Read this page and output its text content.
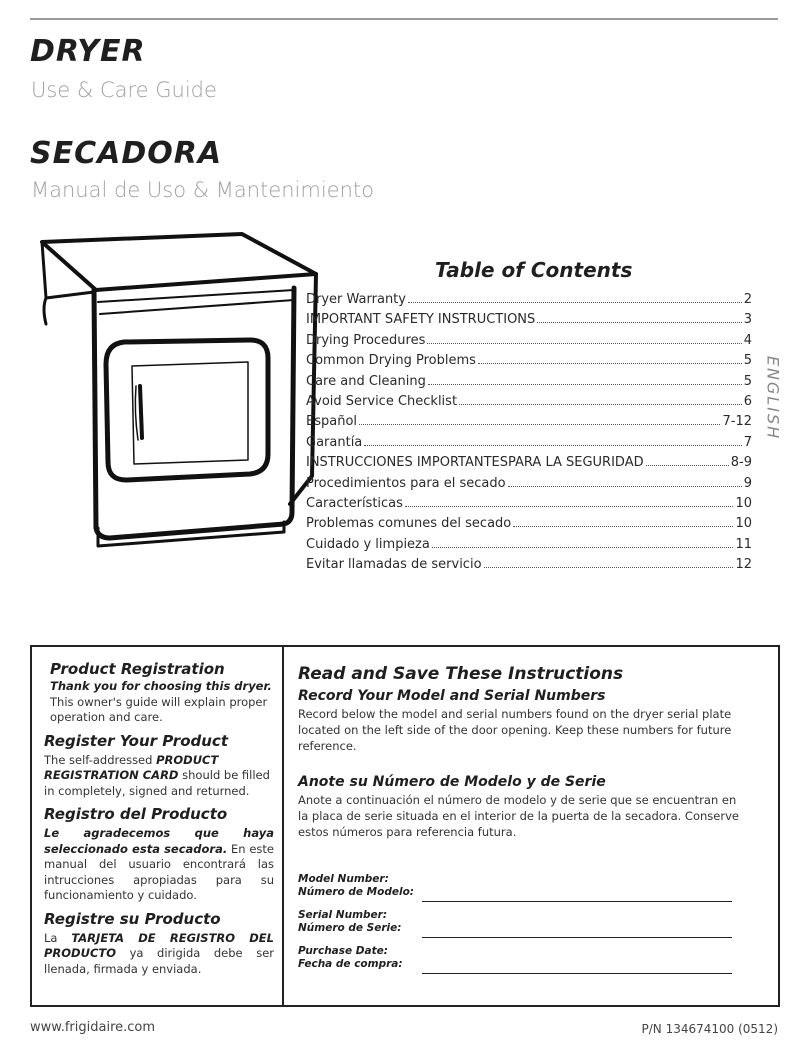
DRYER
Use & Care Guide
SECADORA
Manual de Uso & Mantenimiento
Table of Contents
Dryer Warranty	2
IMPORTANT SAFETY INSTRUCTIONS	3
Drying Procedures	4
Common Drying Problems	5
Care and Cleaning	5
Avoid Service Checklist	6
Español	7-12
Garantía	7
INSTRUCCIONES IMPORTANTESPARA LA SEGURIDAD	8-9
Procedimientos para el secado	9
Características	10
Problemas comunes del secado	10
Cuidado y limpieza	11
Evitar llamadas de servicio	12
ENGLISH
Product Registration
Thank you for choosing this dryer. This owner's guide will explain proper operation and care.
Register Your Product
The self-addressed PRODUCT REGISTRATION CARD should be filled in completely, signed and returned.
Registro del Producto
Le agradecemos que haya seleccionado esta secadora. En este manual del usuario encontrará las intrucciones apropiadas para su funcionamiento y cuidado.
Registre su Producto
La TARJETA DE REGISTRO DEL PRODUCTO ya dirigida debe ser llenada, firmada y enviada.
Read and Save These Instructions
Record Your Model and Serial Numbers

Record below the model and serial numbers found on the dryer serial plate located on the left side of the door opening. Keep these numbers for future reference.

Anote su Número de Modelo y de Serie

Anote a continuación el número de modelo y de serie que se encuentran en la placa de serie situada en el interior de la puerta de la secadora. Conserve estos números para referencia futura.

Model Number:
Número de Modelo:
Serial Number:
Número de Serie:
Purchase Date:
Fecha de compra:
www.frigidaire.com	P/N 134674100 (0512)
